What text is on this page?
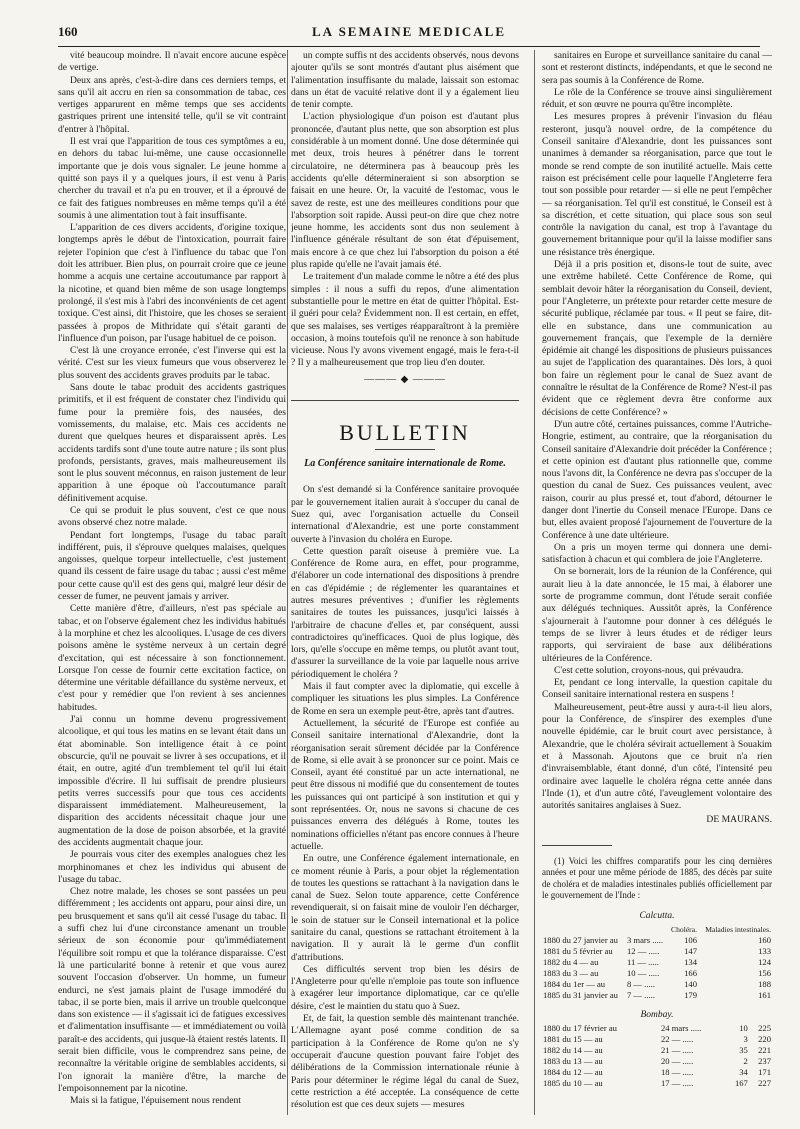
160	LA SEMAINE MEDICALE

vité beaucoup moindre. Il n'avait encore aucune espèce de vertige.

Deux ans après, c'est-à-dire dans ces derniers temps, et sans qu'il ait accru en rien sa consommation de tabac, ces vertiges apparurent en même temps que ses accidents gastriques prirent une intensité telle, qu'il se vit contraint d'entrer à l'hôpital.

Il est vrai que l'apparition de tous ces symptômes a eu, en dehors du tabac lui-même, une cause occasionnelle importante que je dois vous signaler. Le jeune homme a quitté son pays il y a quelques jours, il est venu à Paris chercher du travail et n'a pu en trouver, et il a éprouvé de ce fait des fatigues nombreuses en même temps qu'il a été soumis à une alimentation tout à fait insuffisante.

L'apparition de ces divers accidents, d'origine toxique, longtemps après le début de l'intoxication, pourrait faire rejeter l'opinion que c'est à l'influence du tabac que l'on doit les attribuer. Bien plus, on pourrait croire que ce jeune homme a acquis une certaine accoutumance par rapport à la nicotine, et quand bien même de son usage longtemps prolongé, il s'est mis à l'abri des inconvénients de cet agent toxique. C'est ainsi, dit l'histoire, que les choses se seraient passées à propos de Mithridate qui s'était garanti de l'influence d'un poison, par l'usage habituel de ce poison.

C'est là une croyance erronée, c'est l'inverse qui est la vérité. C'est sur les vieux fumeurs que vous observerez le plus souvent des accidents graves produits par le tabac.

Sans doute le tabac produit des accidents gastriques primitifs, et il est fréquent de constater chez l'individu qui fume pour la première fois, des nausées, des vomissements, du malaise, etc. Mais ces accidents ne durent que quelques heures et disparaissent après. Les accidents tardifs sont d'une toute autre nature ; ils sont plus profonds, persistants, graves, mais malheureusement ils sont le plus souvent méconnus, en raison justement de leur apparition à une époque où l'accoutumance paraît définitivement acquise.

Ce qui se produit le plus souvent, c'est ce que nous avons observé chez notre malade.

Pendant fort longtemps, l'usage du tabac paraît indifférent, puis, il s'éprouve quelques malaises, quelques angoisses, quelque torpeur intellectuelle, c'est justement quand ils cessent de faire usage du tabac ; aussi c'est même pour cette cause qu'il est des gens qui, malgré leur désir de cesser de fumer, ne peuvent jamais y arriver.

Cette manière d'être, d'ailleurs, n'est pas spéciale au tabac, et on l'observe également chez les individus habitués à la morphine et chez les alcooliques. L'usage de ces divers poisons amène le système nerveux à un certain degré d'excitation, qui est nécessaire à son fonctionnement. Lorsque l'on cesse de fournir cette excitation factice, on détermine une véritable défaillance du système nerveux, et c'est pour y remédier que l'on revient à ses anciennes habitudes.

J'ai connu un homme devenu progressivement alcoolique, et qui tous les matins en se levant était dans un état abominable. Son intelligence était à ce point obscurcie, qu'il ne pouvait se livrer à ses occupations, et il était, en outre, agité d'un tremblement tel qu'il lui était impossible d'écrire. Il lui suffisait de prendre plusieurs petits verres successifs pour que tous ces accidents disparaissent immédiatement. Malheureusement, la disparition des accidents nécessitait chaque jour une augmentation de la dose de poison absorbée, et la gravité des accidents augmentait chaque jour.

Je pourrais vous citer des exemples analogues chez les morphinomanes et chez les individus qui abusent de l'usage du tabac.

Chez notre malade, les choses se sont passées un peu différemment ; les accidents ont apparu, pour ainsi dire, un peu brusquement et sans qu'il ait cessé l'usage du tabac. Il a suffi chez lui d'une circonstance amenant un trouble sérieux de son économie pour qu'immédiatement l'équilibre soit rompu et que la tolérance disparaisse. C'est là une particularité bonne à retenir et que vous aurez souvent l'occasion d'observer. Un homme, un fumeur endurci, ne s'est jamais plaint de l'usage immodéré du tabac, il se porte bien, mais il arrive un trouble quelconque dans son existence — il s'agissait ici de fatigues excessives et d'alimentation insuffisante — et immédiatement ou voilà paraît-e des accidents, qui jusque-là étaient restés latents. Il serait bien difficile, vous le comprendrez sans peine, de reconnaître la véritable origine de semblables accidents, si l'on ignorait la manière d'être, la marche de l'empoisonnement par la nicotine.

Mais si la fatigue, l'épuisement nous rendent

un compte suffis nt des accidents observés, nous devons ajouter qu'ils se sont montrés d'autant plus aisément que l'alimentation insuffisante du malade, laissait son estomac dans un état de vacuité relative dont il y a également lieu de tenir compte.

L'action physiologique d'un poison est d'autant plus prononcée, d'autant plus nette, que son absorption est plus considérable à un moment donné. Une dose déterminée qui met deux, trois heures à pénétrer dans le torrent circulatoire, ne déterminera pas à beaucoup près les accidents qu'elle détermineraient si son absorption se faisait en une heure. Or, la vacuité de l'estomac, vous le savez de reste, est une des meilleures conditions pour que l'absorption soit rapide. Aussi peut-on dire que chez notre jeune homme, les accidents sont dus non seulement à l'influence générale résultant de son état d'épuisement, mais encore à ce que chez lui l'absorption du poison a été plus rapide qu'elle ne l'avait jamais été.

Le traitement d'un malade comme le nôtre a été des plus simples : il nous a suffi du repos, d'une alimentation substantielle pour le mettre en état de quitter l'hôpital. Est-il guéri pour cela? Évidemment non. Il est certain, en effet, que ses malaises, ses vertiges réapparaîtront à la première occasion, à moins toutefois qu'il ne renonce à son habitude vicieuse. Nous l'y avons vivement engagé, mais le fera-t-il ? Il y a malheureusement que trop lieu d'en douter.

——— ◆ ———
BULLETIN
La Conférence sanitaire internationale de Rome.

On s'est demandé si la Conférence sanitaire provoquée par le gouvernement italien aurait à s'occuper du canal de Suez qui, avec l'organisation actuelle du Conseil international d'Alexandrie, est une porte constamment ouverte à l'invasion du choléra en Europe.

Cette question paraît oiseuse à première vue. La Conférence de Rome aura, en effet, pour programme, d'élaborer un code international des dispositions à prendre en cas d'épidémie ; de réglementer les quarantaines et autres mesures préventives ; d'unifier les règlements sanitaires de toutes les puissances, jusqu'ici laissés à l'arbitraire de chacune d'elles et, par conséquent, aussi contradictoires qu'inefficaces. Quoi de plus logique, dès lors, qu'elle s'occupe en même temps, ou plutôt avant tout, d'assurer la surveillance de la voie par laquelle nous arrive périodiquement le choléra ?

Mais il faut compter avec la diplomatie, qui excelle à compliquer les situations les plus simples. La Conférence de Rome en sera un exemple peut-être, après tant d'autres.

Actuellement, la sécurité de l'Europe est confiée au Conseil sanitaire international d'Alexandrie, dont la réorganisation serait sûrement décidée par la Conférence de Rome, si elle avait à se prononcer sur ce point. Mais ce Conseil, ayant été constitué par un acte international, ne peut être dissous ni modifié que du consentement de toutes les puissances qui ont participé à son institution et qui y sont représentées. Or, nous ne savons si chacune de ces puissances enverra des délégués à Rome, toutes les nominations officielles n'étant pas encore connues à l'heure actuelle.

En outre, une Conférence également internationale, en ce moment réunie à Paris, a pour objet la réglementation de toutes les questions se rattachant à la navigation dans le canal de Suez. Selon toute apparence, cette Conférence revendiquerait, si on faisait mine de vouloir l'en décharger, le soin de statuer sur le Conseil international et la police sanitaire du canal, questions se rattachant étroitement à la navigation. Il y aurait là le germe d'un conflit d'attributions.

Ces difficultés servent trop bien les désirs de l'Angleterre pour qu'elle n'emploie pas toute son influence à exagérer leur importance diplomatique, car ce qu'elle désire, c'est le maintien du statu quo à Suez.

Et, de fait, la question semble dès maintenant tranchée. L'Allemagne ayant posé comme condition de sa participation à la Conférence de Rome qu'on ne s'y occuperait d'aucune question pouvant faire l'objet des délibérations de la Commission internationale réunie à Paris pour déterminer le régime légal du canal de Suez, cette restriction a été acceptée. La conséquence de cette résolution est que ces deux sujets — mesures

sanitaires en Europe et surveillance sanitaire du canal — sont et resteront distincts, indépendants, et que le second ne sera pas soumis à la Conférence de Rome.

Le rôle de la Conférence se trouve ainsi singulièrement réduit, et son œuvre ne pourra qu'être incomplète.

Les mesures propres à prévenir l'invasion du fléau resteront, jusqu'à nouvel ordre, de la compétence du Conseil sanitaire d'Alexandrie, dont les puissances sont unanimes à demander sa réorganisation, parce que tout le monde se rend compte de son inutilité actuelle. Mais cette raison est précisément celle pour laquelle l'Angleterre fera tout son possible pour retarder — si elle ne peut l'empêcher — sa réorganisation. Tel qu'il est constitué, le Conseil est à sa discrétion, et cette situation, qui place sous son seul contrôle la navigation du canal, est trop à l'avantage du gouvernement britannique pour qu'il la laisse modifier sans une résistance très énergique.

Déjà il a pris position et, disons-le tout de suite, avec une extrême habileté. Cette Conférence de Rome, qui semblait devoir hâter la réorganisation du Conseil, devient, pour l'Angleterre, un prétexte pour retarder cette mesure de sécurité publique, réclamée par tous. « Il peut se faire, dit-elle en substance, dans une communication au gouvernement français, que l'exemple de la dernière épidémie ait changé les dispositions de plusieurs puissances au sujet de l'application des quarantaines. Dès lors, à quoi bon faire un règlement pour le canal de Suez avant de connaître le résultat de la Conférence de Rome? N'est-il pas évident que ce règlement devra être conforme aux décisions de cette Conférence? »

D'un autre côté, certaines puissances, comme l'Autriche-Hongrie, estiment, au contraire, que la réorganisation du Conseil sanitaire d'Alexandrie doit précéder la Conférence ; et cette opinion est d'autant plus rationnelle que, comme nous l'avons dit, la Conférence ne devra pas s'occuper de la question du canal de Suez. Ces puissances veulent, avec raison, courir au plus pressé et, tout d'abord, détourner le danger dont l'inertie du Conseil menace l'Europe. Dans ce but, elles avaient proposé l'ajournement de l'ouverture de la Conférence à une date ultérieure.

On a pris un moyen terme qui donnera une demi-satisfaction à chacun et qui comblera de joie l'Angleterre.

On se bornerait, lors de la réunion de la Conférence, qui aurait lieu à la date annoncée, le 15 mai, à élaborer une sorte de programme commun, dont l'étude serait confiée aux délégués techniques. Aussitôt après, la Conférence s'ajournerait à l'automne pour donner à ces délégués le temps de se livrer à leurs études et de rédiger leurs rapports, qui serviraient de base aux délibérations ultérieures de la Conférence.

C'est cette solution, croyons-nous, qui prévaudra.

Et, pendant ce long intervalle, la question capitale du Conseil sanitaire international restera en suspens !

Malheureusement, peut-être aussi y aura-t-il lieu alors, pour la Conférence, de s'inspirer des exemples d'une nouvelle épidémie, car le bruit court avec persistance, à Alexandrie, que le choléra sévirait actuellement à Souakim et à Massonah. Ajoutons que ce bruit n'a rien d'invraisemblable, étant donné, d'un côté, l'intensité peu ordinaire avec laquelle le choléra régna cette année dans l'Inde (1), et d'un autre côté, l'aveuglement volontaire des autorités sanitaires anglaises à Suez.

DE MAURANS.

(1) Voici les chiffres comparatifs pour les cinq dernières années et pour une même période de 1885, des décès par suite de choléra et de maladies intestinales publiés officiellement par le gouvernement de l'Inde :

Calcutta.
		Choléra.	Maladies intestinales.
1880 du 27 janvier au	3 mars .....	106	160
1881 du 5 février au	12 — .....	147	133
1882 du 4 — au	11 — .....	134	124
1883 du 3 — au	10 — .....	166	156
1884 du 1er — au	8 — .....	140	188
1885 du 31 janvier au	7 — .....	179	161
Bombay.
1880 du 17 février au	24 mars .....	10	225
1881 du 15 — au	22 — .....	3	220
1882 du 14 — au	21 — .....	35	221
1883 du 13 — au	20 — .....	2	237
1884 du 12 — au	18 — .....	34	171
1885 du 10 — au	17 — .....	167	227
